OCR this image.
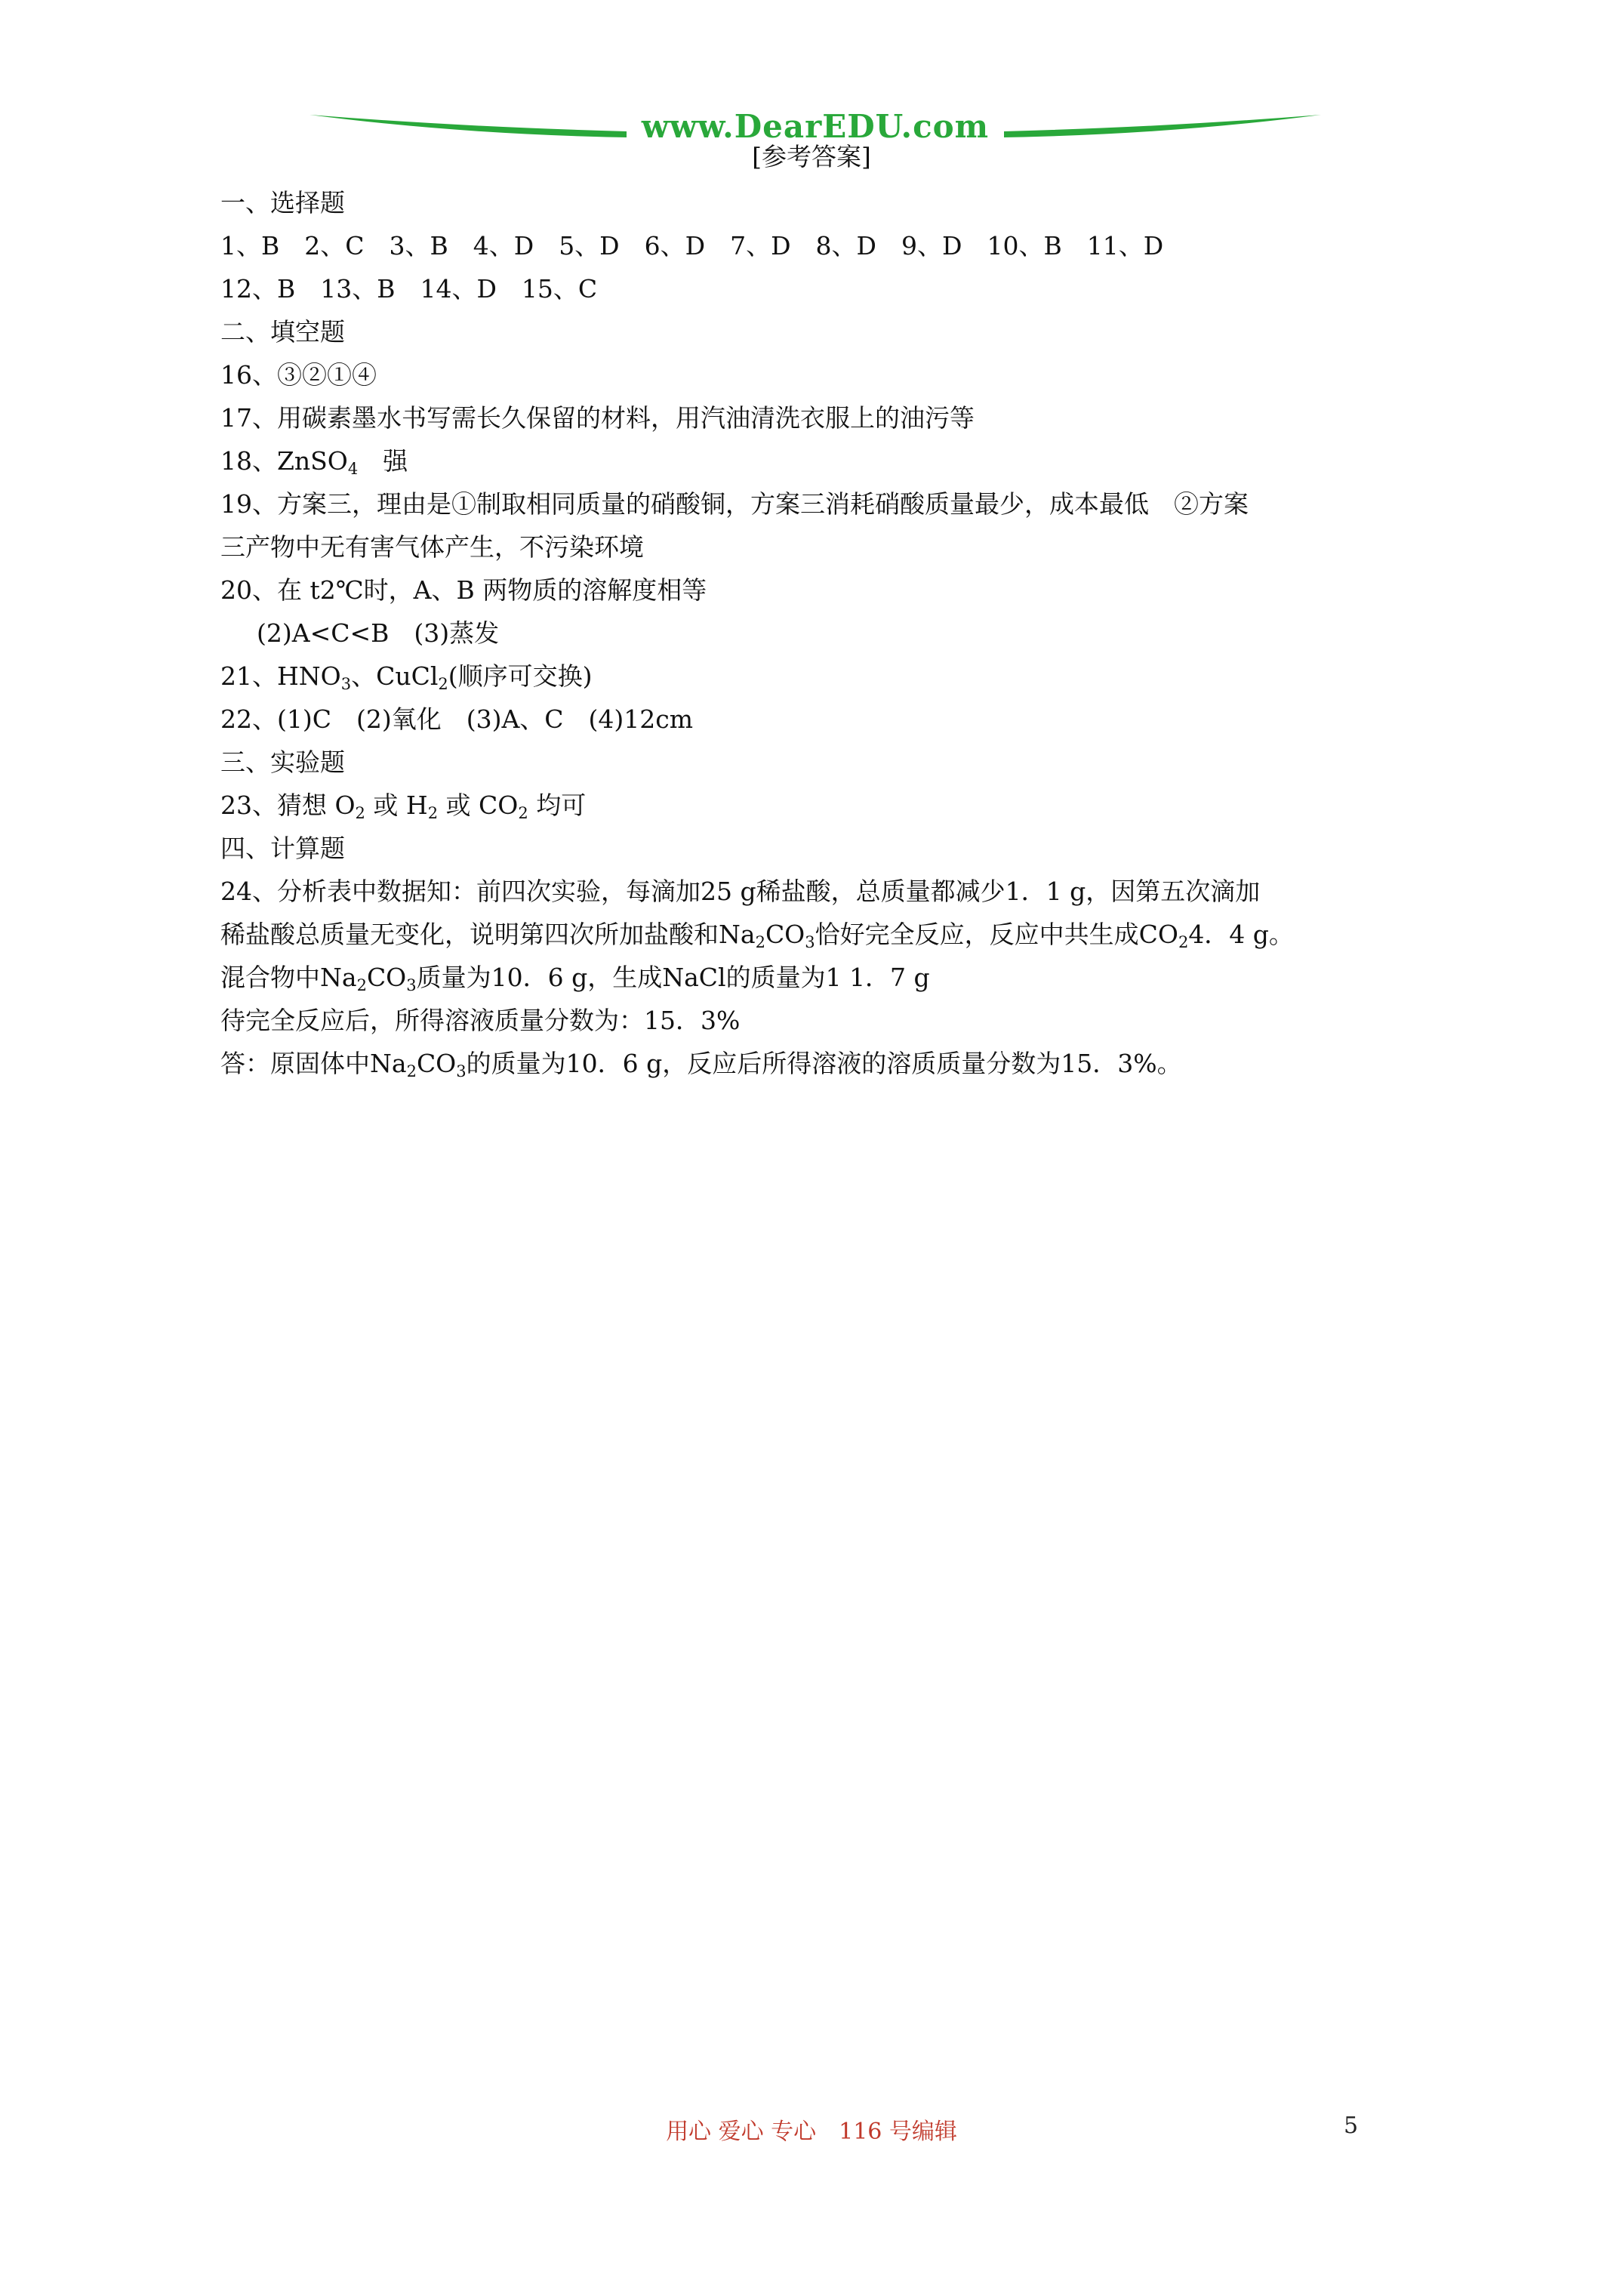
www.DearEDU.com
[参考答案]
一、选择题
1、B　2、C　3、B　4、D　5、D　6、D　7、D　8、D　9、D　10、B　11、D
12、B　13、B　14、D　15、C
二、填空题
16、③②①④
17、用碳素墨水书写需长久保留的材料，用汽油清洗衣服上的油污等
18、ZnSO$_4$　强
19、方案三，理由是①制取相同质量的硝酸铜，方案三消耗硝酸质量最少，成本最低　②方案
三产物中无有害气体产生，不污染环境
20、在 t2℃时，A、B 两物质的溶解度相等
(2)A<C<B　(3)蒸发
21、$HNO_3$、CuCl$_2$(顺序可交换)
22、(1)C　(2)氧化　(3)A、C　(4)12cm
三、实验题
23、猜想 $O_2$ 或 $H_2$ 或 $CO_2$ 均可
四、计算题
24、分析表中数据知：前四次实验，每滴加25 g稀盐酸，总质量都减少1．1 g，因第五次滴加
稀盐酸总质量无变化，说明第四次所加盐酸和$Na_2CO_3$恰好完全反应，反应中共生成$CO_24$．4 g。
混合物中$Na_2CO_3$质量为10．6 g，生成NaCl的质量为1 1．7 g
待完全反应后，所得溶液质量分数为：15．3%
答：原固体中$Na_2CO_3$的质量为10．6 g，反应后所得溶液的溶质质量分数为15．3%。
用心 爱心 专心　116 号编辑	5
